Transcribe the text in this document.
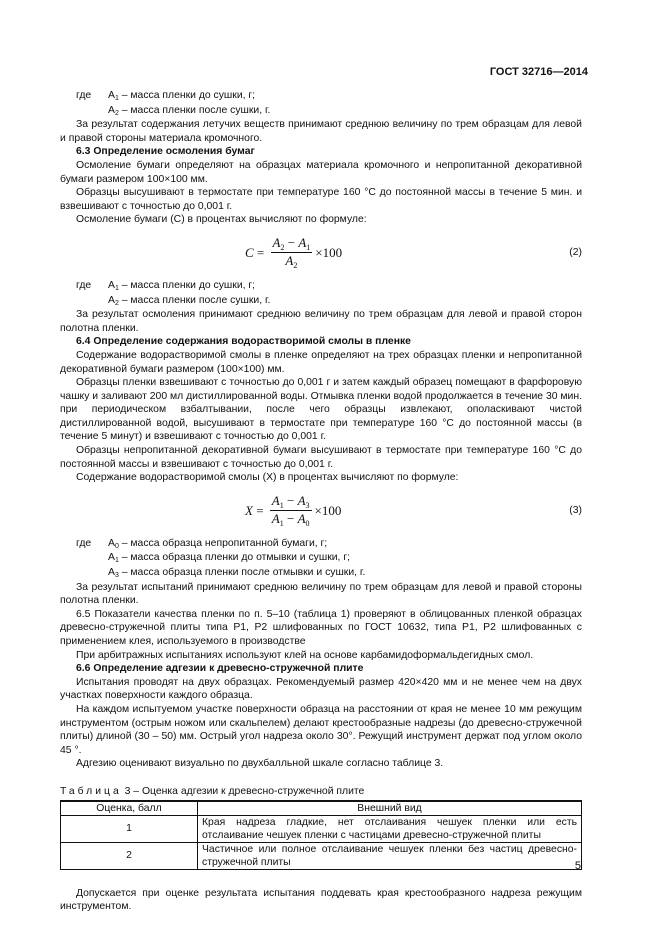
ГОСТ 32716—2014
где	A1 – масса пленки до сушки, г;

A2 – масса пленки после сушки, г.

За результат содержания летучих веществ принимают среднюю величину по трем образцам для левой и правой стороны материала кромочного.

6.3 Определение осмоления бумаг

Осмоление бумаги определяют на образцах материала кромочного и непропитанной декоративной бумаги размером 100×100 мм.

Образцы высушивают в термостате при температуре 160 °С до постоянной массы в течение 5 мин. и взвешивают с точностью до 0,001 г.

Осмоление бумаги (С) в процентах вычисляют по формуле:

$C = \frac{A_2 - A_1}{A_2} \times 100$	(2)
где	A1 – масса пленки до сушки, г;

A2 – масса пленки после сушки, г.

За результат осмоления принимают среднюю величину по трем образцам для левой и правой сторон полотна пленки.

6.4 Определение содержания водорастворимой смолы в пленке

Содержание водорастворимой смолы в пленке определяют на трех образцах пленки и непропитанной декоративной бумаги размером (100×100) мм.

Образцы пленки взвешивают с точностью до 0,001 г и затем каждый образец помещают в фарфоровую чашку и заливают 200 мл дистиллированной воды. Отмывка пленки водой продолжается в течение 30 мин. при периодическом взбалтывании, после чего образцы извлекают, ополаскивают чистой дистиллированной водой, высушивают в термостате при температуре 160 °С до постоянной массы (в течение 5 минут) и взвешивают с точностью до 0,001 г.

Образцы непропитанной декоративной бумаги высушивают в термостате при температуре 160 °С до постоянной массы и взвешивают с точностью до 0,001 г.

Содержание водорастворимой смолы (Х) в процентах вычисляют по формуле:

$X = \frac{A_1 - A_3}{A_1 - A_0} \times 100$	(3)
где	A0 – масса образца непропитанной бумаги, г;

A1 – масса образца пленки до отмывки и сушки, г;

A3 – масса образца пленки после отмывки и сушки, г.

За результат испытаний принимают среднюю величину по трем образцам для левой и правой стороны полотна пленки.

6.5 Показатели качества пленки по п. 5–10 (таблица 1) проверяют в облицованных пленкой образцах древесно-стружечной плиты типа Р1, Р2 шлифованных по ГОСТ 10632, типа Р1, Р2 шлифованных с применением клея, используемого в производстве

При арбитражных испытаниях используют клей на основе карбамидоформальдегидных смол.

6.6 Определение адгезии к древесно-стружечной плите

Испытания проводят на двух образцах. Рекомендуемый размер 420×420 мм и не менее чем на двух участках поверхности каждого образца.

На каждом испытуемом участке поверхности образца на расстоянии от края не менее 10 мм режущим инструментом (острым ножом или скальпелем) делают крестообразные надрезы (до древесно-стружечной плиты) длиной (30 – 50) мм. Острый угол надреза около 30°. Режущий инструмент держат под углом около 45 °.

Адгезию оценивают визуально по двухбалльной шкале согласно таблице 3.

Таблица 3 – Оценка адгезии к древесно-стружечной плите

Оценка, балл	Внешний вид
1	Края надреза гладкие, нет отслаивания чешуек пленки или есть отслаивание чешуек пленки с частицами древесно-стружечной плиты
2	Частичное или полное отслаивание чешуек пленки без частиц древесно-стружечной плиты

Допускается при оценке результата испытания поддевать края крестообразного надреза режущим инструментом.

5
